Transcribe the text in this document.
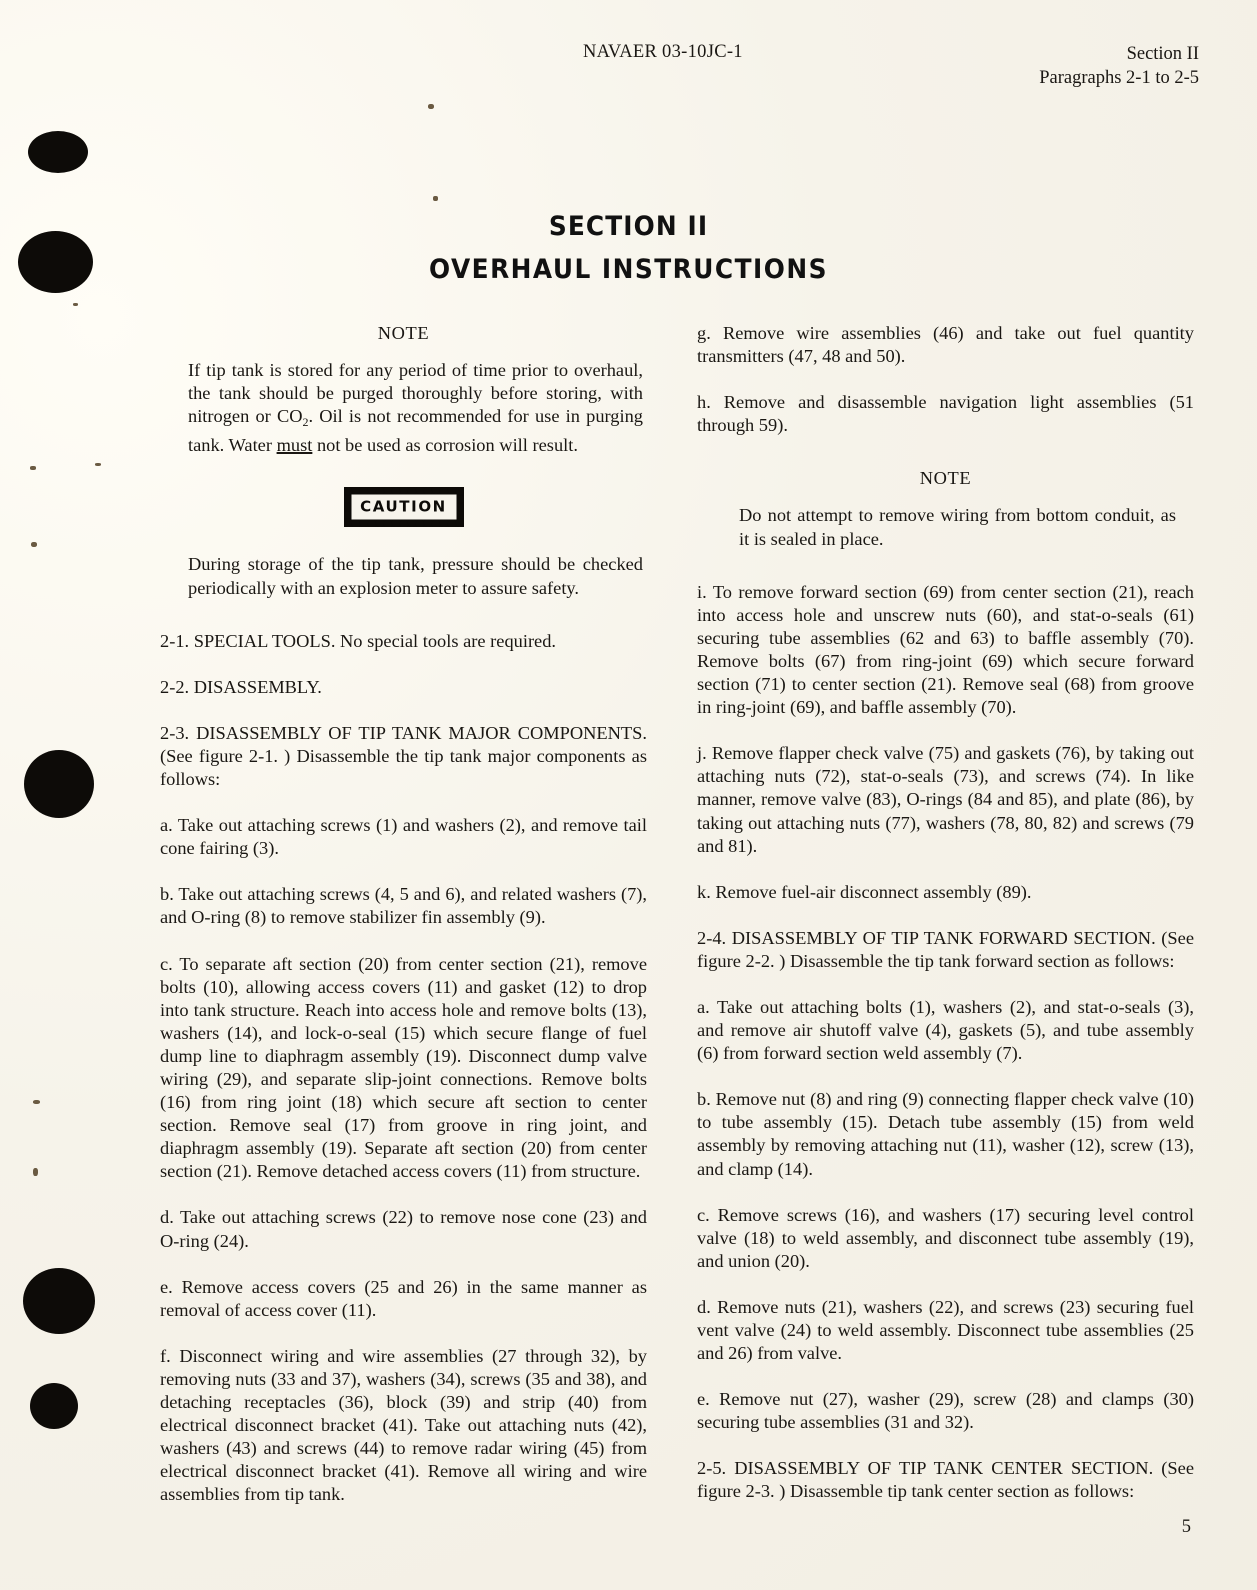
NAVAER 03-10JC-1	Section II
Paragraphs 2-1 to 2-5
SECTION II
OVERHAUL INSTRUCTIONS
NOTE

If tip tank is stored for any period of time prior to overhaul, the tank should be purged thoroughly before storing, with nitrogen or $CO_2$. Oil is not recommended for use in purging tank. Water must not be used as corrosion will result.

CAUTION

During storage of the tip tank, pressure should be checked periodically with an explosion meter to assure safety.

2-1. SPECIAL TOOLS. No special tools are required.

2-2. DISASSEMBLY.

2-3. DISASSEMBLY OF TIP TANK MAJOR COMPONENTS. (See figure 2-1. ) Disassemble the tip tank major components as follows:

a. Take out attaching screws (1) and washers (2), and remove tail cone fairing (3).

b. Take out attaching screws (4, 5 and 6), and related washers (7), and O-ring (8) to remove stabilizer fin assembly (9).

c. To separate aft section (20) from center section (21), remove bolts (10), allowing access covers (11) and gasket (12) to drop into tank structure. Reach into access hole and remove bolts (13), washers (14), and lock-o-seal (15) which secure flange of fuel dump line to diaphragm assembly (19). Disconnect dump valve wiring (29), and separate slip-joint connections. Remove bolts (16) from ring joint (18) which secure aft section to center section. Remove seal (17) from groove in ring joint, and diaphragm assembly (19). Separate aft section (20) from center section (21). Remove detached access covers (11) from structure.

d. Take out attaching screws (22) to remove nose cone (23) and O-ring (24).

e. Remove access covers (25 and 26) in the same manner as removal of access cover (11).

f. Disconnect wiring and wire assemblies (27 through 32), by removing nuts (33 and 37), washers (34), screws (35 and 38), and detaching receptacles (36), block (39) and strip (40) from electrical disconnect bracket (41). Take out attaching nuts (42), washers (43) and screws (44) to remove radar wiring (45) from electrical disconnect bracket (41). Remove all wiring and wire assemblies from tip tank.

g. Remove wire assemblies (46) and take out fuel quantity transmitters (47, 48 and 50).

h. Remove and disassemble navigation light assemblies (51 through 59).

NOTE

Do not attempt to remove wiring from bottom conduit, as it is sealed in place.

i. To remove forward section (69) from center section (21), reach into access hole and unscrew nuts (60), and stat-o-seals (61) securing tube assemblies (62 and 63) to baffle assembly (70). Remove bolts (67) from ring-joint (69) which secure forward section (71) to center section (21). Remove seal (68) from groove in ring-joint (69), and baffle assembly (70).

j. Remove flapper check valve (75) and gaskets (76), by taking out attaching nuts (72), stat-o-seals (73), and screws (74). In like manner, remove valve (83), O-rings (84 and 85), and plate (86), by taking out attaching nuts (77), washers (78, 80, 82) and screws (79 and 81).

k. Remove fuel-air disconnect assembly (89).

2-4. DISASSEMBLY OF TIP TANK FORWARD SECTION. (See figure 2-2. ) Disassemble the tip tank forward section as follows:

a. Take out attaching bolts (1), washers (2), and stat-o-seals (3), and remove air shutoff valve (4), gaskets (5), and tube assembly (6) from forward section weld assembly (7).

b. Remove nut (8) and ring (9) connecting flapper check valve (10) to tube assembly (15). Detach tube assembly (15) from weld assembly by removing attaching nut (11), washer (12), screw (13), and clamp (14).

c. Remove screws (16), and washers (17) securing level control valve (18) to weld assembly, and disconnect tube assembly (19), and union (20).

d. Remove nuts (21), washers (22), and screws (23) securing fuel vent valve (24) to weld assembly. Disconnect tube assemblies (25 and 26) from valve.

e. Remove nut (27), washer (29), screw (28) and clamps (30) securing tube assemblies (31 and 32).

2-5. DISASSEMBLY OF TIP TANK CENTER SECTION. (See figure 2-3. ) Disassemble tip tank center section as follows:

5
